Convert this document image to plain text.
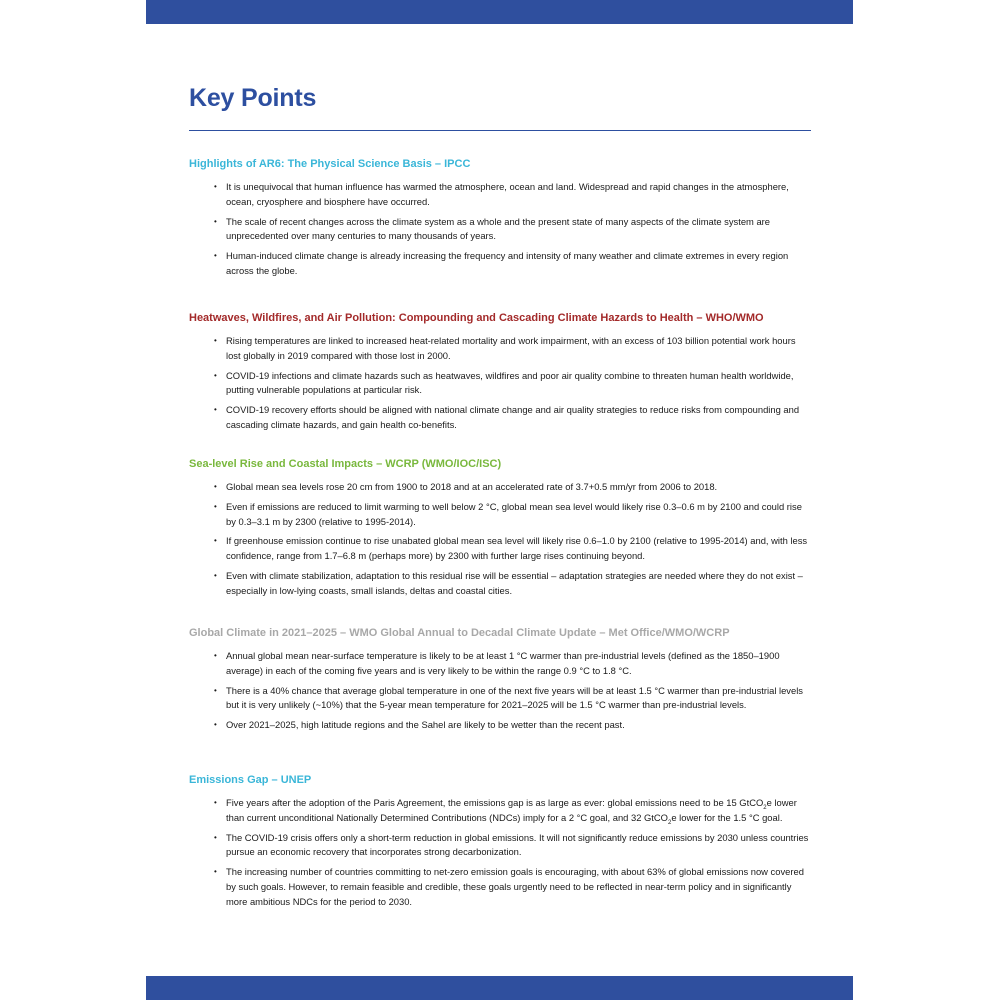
Key Points
Highlights of AR6: The Physical Science Basis – IPCC
• It is unequivocal that human influence has warmed the atmosphere, ocean and land. Widespread and rapid changes in the atmosphere, ocean, cryosphere and biosphere have occurred.
• The scale of recent changes across the climate system as a whole and the present state of many aspects of the climate system are unprecedented over many centuries to many thousands of years.
• Human-induced climate change is already increasing the frequency and intensity of many weather and climate extremes in every region across the globe.
Heatwaves, Wildfires, and Air Pollution: Compounding and Cascading Climate Hazards to Health – WHO/WMO
• Rising temperatures are linked to increased heat-related mortality and work impairment, with an excess of 103 billion potential work hours lost globally in 2019 compared with those lost in 2000.
• COVID-19 infections and climate hazards such as heatwaves, wildfires and poor air quality combine to threaten human health worldwide, putting vulnerable populations at particular risk.
• COVID-19 recovery efforts should be aligned with national climate change and air quality strategies to reduce risks from compounding and cascading climate hazards, and gain health co-benefits.
Sea-level Rise and Coastal Impacts – WCRP (WMO/IOC/ISC)
• Global mean sea levels rose 20 cm from 1900 to 2018 and at an accelerated rate of 3.7+0.5 mm/yr from 2006 to 2018.
• Even if emissions are reduced to limit warming to well below 2 °C, global mean sea level would likely rise 0.3–0.6 m by 2100 and could rise by 0.3–3.1 m by 2300 (relative to 1995-2014).
• If greenhouse emission continue to rise unabated global mean sea level will likely rise 0.6–1.0 by 2100 (relative to 1995-2014) and, with less confidence, range from 1.7–6.8 m (perhaps more) by 2300 with further large rises continuing beyond.
• Even with climate stabilization, adaptation to this residual rise will be essential – adaptation strategies are needed where they do not exist – especially in low-lying coasts, small islands, deltas and coastal cities.
Global Climate in 2021–2025 – WMO Global Annual to Decadal Climate Update – Met Office/WMO/WCRP
• Annual global mean near-surface temperature is likely to be at least 1 °C warmer than pre-industrial levels (defined as the 1850–1900 average) in each of the coming five years and is very likely to be within the range 0.9 °C to 1.8 °C.
• There is a 40% chance that average global temperature in one of the next five years will be at least 1.5 °C warmer than pre-industrial levels but it is very unlikely (~10%) that the 5-year mean temperature for 2021–2025 will be 1.5 °C warmer than pre-industrial levels.
• Over 2021–2025, high latitude regions and the Sahel are likely to be wetter than the recent past.
Emissions Gap – UNEP
• Five years after the adoption of the Paris Agreement, the emissions gap is as large as ever: global emissions need to be 15 GtCO$_2$e lower than current unconditional Nationally Determined Contributions (NDCs) imply for a 2 °C goal, and 32 GtCO$_2$e lower for the 1.5 °C goal.
• The COVID-19 crisis offers only a short-term reduction in global emissions. It will not significantly reduce emissions by 2030 unless countries pursue an economic recovery that incorporates strong decarbonization.
• The increasing number of countries committing to net-zero emission goals is encouraging, with about 63% of global emissions now covered by such goals. However, to remain feasible and credible, these goals urgently need to be reflected in near-term policy and in significantly more ambitious NDCs for the period to 2030.
